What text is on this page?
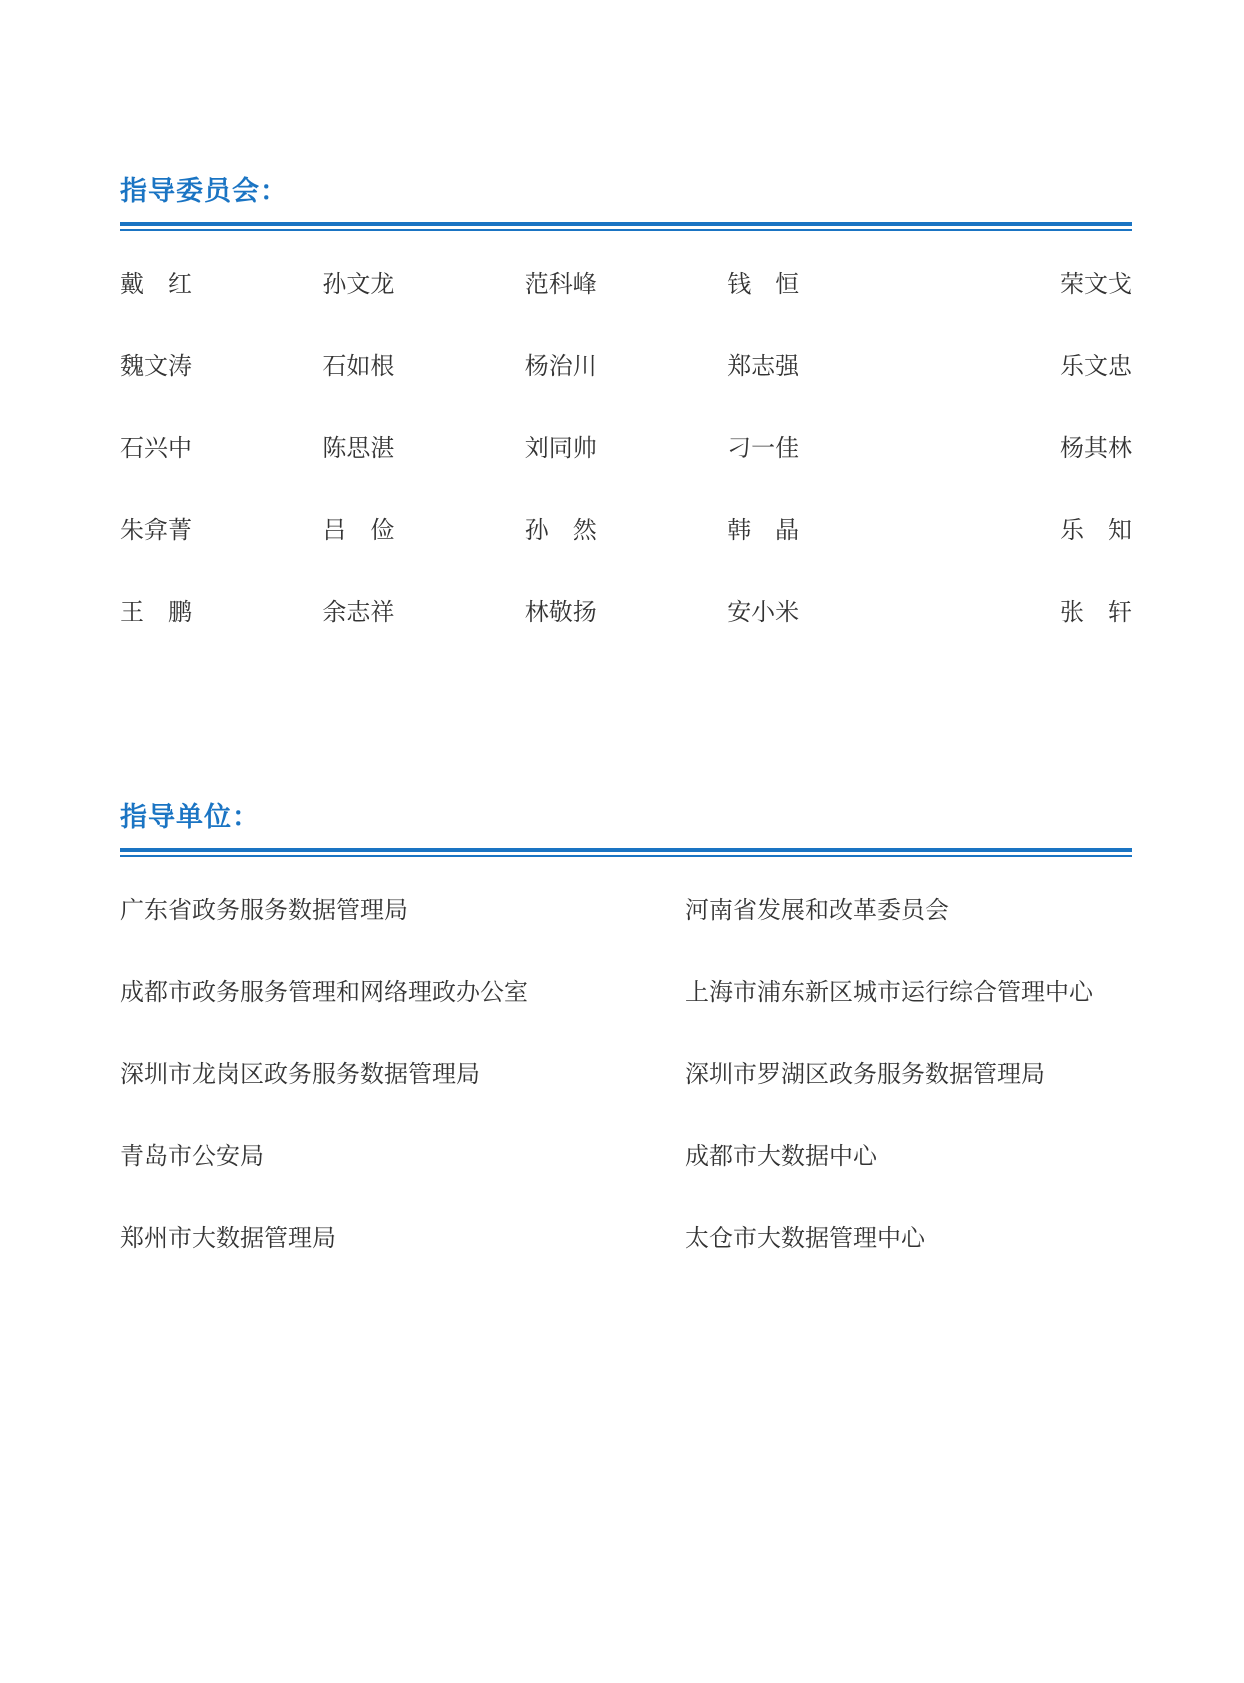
指导委员会：
戴　红	孙文龙	范科峰	钱　恒	荣文戈
魏文涛	石如根	杨治川	郑志强	乐文忠
石兴中	陈思湛	刘同帅	刁一佳	杨其林
朱弇菁	吕　俭	孙　然	韩　晶	乐　知
王　鹏	余志祥	林敬扬	安小米	张　轩
指导单位：
广东省政务服务数据管理局	河南省发展和改革委员会
成都市政务服务管理和网络理政办公室	上海市浦东新区城市运行综合管理中心
深圳市龙岗区政务服务数据管理局	深圳市罗湖区政务服务数据管理局
青岛市公安局	成都市大数据中心
郑州市大数据管理局	太仓市大数据管理中心
